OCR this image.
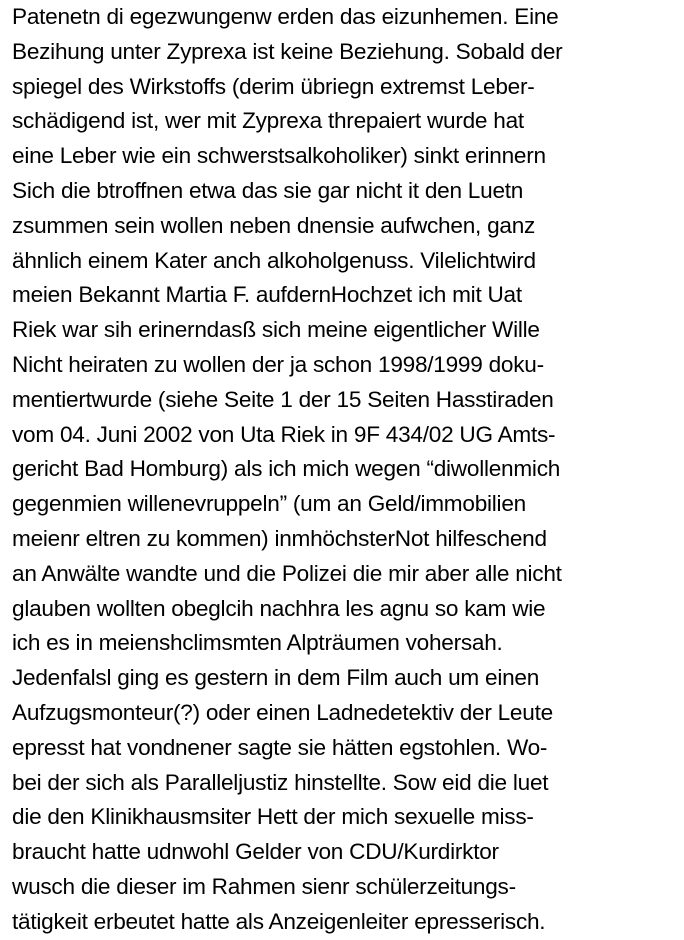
Patenetn di egezwungenw erden das eizunhemen. Eine
Bezihung unter Zyprexa ist keine Beziehung. Sobald der
spiegel des Wirkstoffs (derim übriegn extremst Leber-
schädigend ist, wer mit Zyprexa threpaiert wurde hat
eine Leber wie ein schwerstsalkoholiker) sinkt erinnern
Sich die btroffnen etwa das sie gar nicht it den Luetn
zsummen sein wollen neben dnensie aufwchen, ganz
ähnlich einem Kater anch alkoholgenuss. Vilelichtwird
meien Bekannt Martia F. aufdernHochzet ich mit Uat
Riek war sih erinerndasß sich meine eigentlicher Wille
Nicht heiraten zu wollen der ja schon 1998/1999 doku-
mentiertwurde (siehe Seite 1 der 15 Seiten Hasstiraden
vom 04. Juni 2002 von Uta Riek in 9F 434/02 UG Amts-
gericht Bad Homburg) als ich mich wegen “diwollenmich
gegenmien willenevruppeln” (um an Geld/immobilien
meienr eltren zu kommen) inmhöchsterNot hilfeschend
an Anwälte wandte und die Polizei die mir aber alle nicht
glauben wollten obeglcih nachhra les agnu so kam wie
ich es in meienshclimsmten Alpträumen vohersah.
Jedenfalsl ging es gestern in dem Film auch um einen
Aufzugsmonteur(?) oder einen Ladnedetektiv der Leute
epresst hat vondnener sagte sie hätten egstohlen. Wo-
bei der sich als Paralleljustiz hinstellte. Sow eid die luet
die den Klinikhausmsiter Hett der mich sexuelle miss-
braucht hatte udnwohl Gelder von CDU/Kurdirktor
wusch die dieser im Rahmen sienr schülerzeitungs-
tätigkeit erbeutet hatte als Anzeigenleiter epresserisch.
